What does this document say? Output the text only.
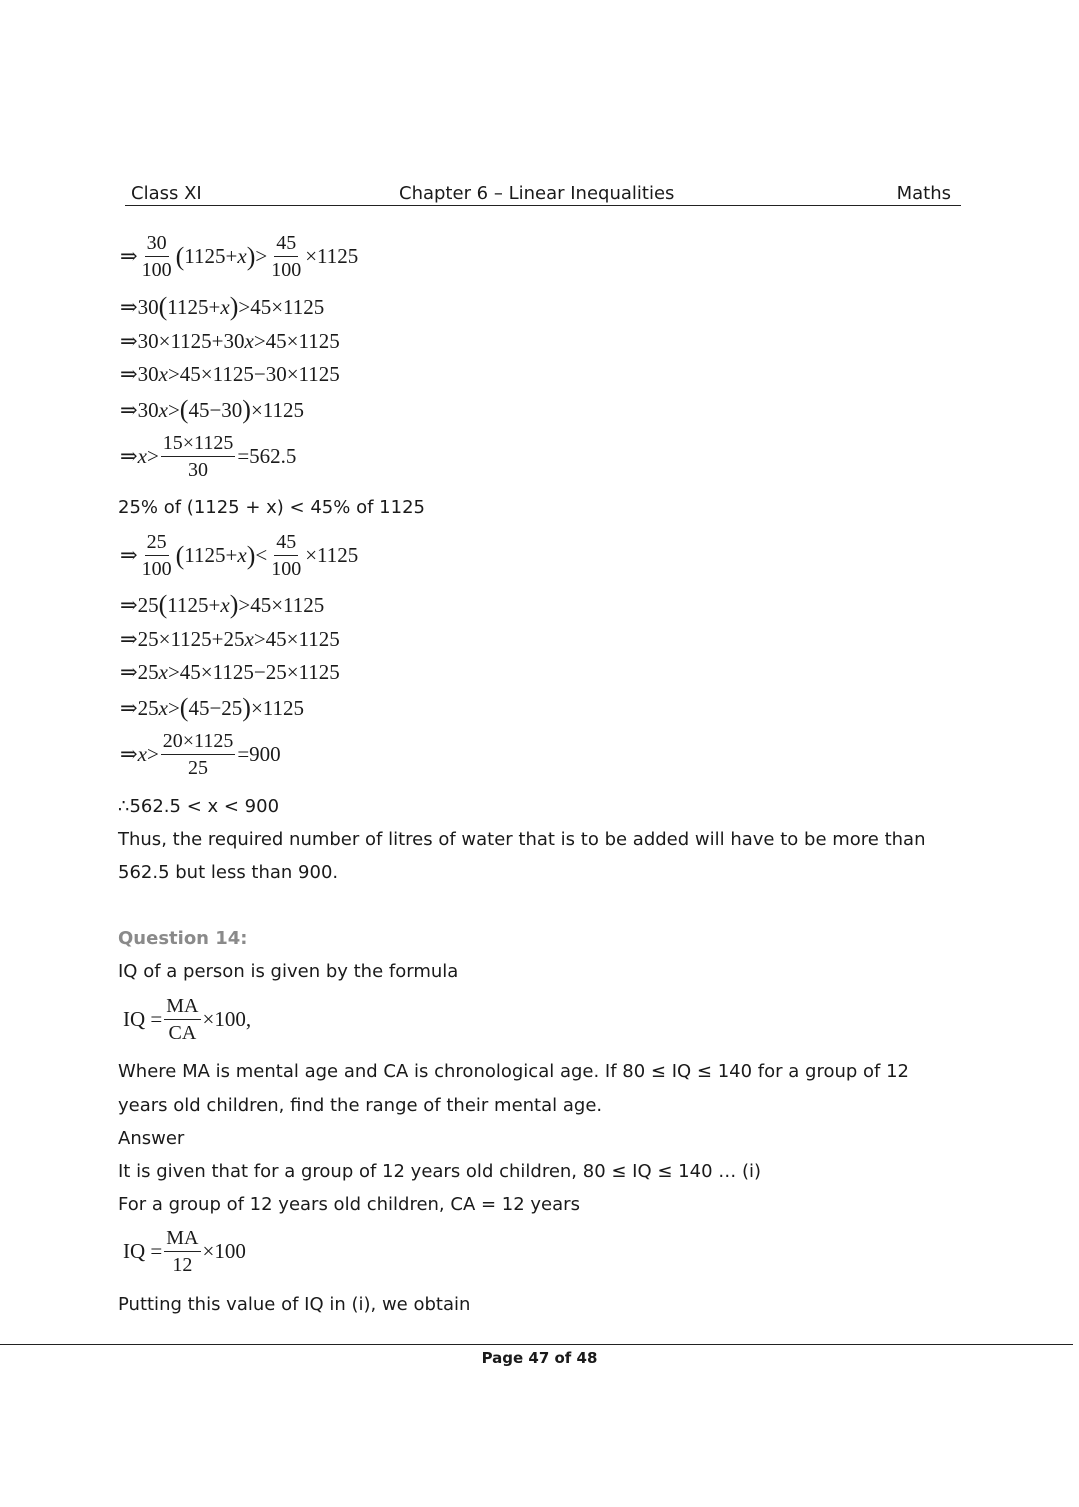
Class XI	Chapter 6 – Linear Inequalities	Maths
⇒ $\frac{30}{100}$ ( 1125+ x ) > $\frac{45}{100} \times 1125$
⇒30 ( 1125+ x ) >45×1125
⇒30×1125+30 x >45×1125
⇒30 x >45×1125−30×1125
⇒30 x > ( 45−30 ) ×1125
⇒ $x > \frac{15\times 1125}{30} =562.5$
25% of (1125 + x) < 45% of 1125
⇒ $\frac{25}{100}$ ( 1125+ x ) < $\frac{45}{100} \times 1125$
⇒25 ( 1125+ x ) >45×1125
⇒25×1125+25 x >45×1125
⇒25 x >45×1125−25×1125
⇒25 x > ( 45−25 ) ×1125
⇒ $x > \frac{20\times 1125}{25} =900$
∴562.5 < x < 900
Thus, the required number of litres of water that is to be added will have to be more than
562.5 but less than 900.
Question 14:
IQ of a person is given by the formula
IQ = $\frac{MA}{CA} \times 100$,
Where MA is mental age and CA is chronological age. If 80 ≤ IQ ≤ 140 for a group of 12
years old children, find the range of their mental age.
Answer
It is given that for a group of 12 years old children, 80 ≤ IQ ≤ 140 … (i)
For a group of 12 years old children, CA = 12 years
IQ = $\frac{MA}{12} \times 100$
Putting this value of IQ in (i), we obtain
Page 47 of 48
